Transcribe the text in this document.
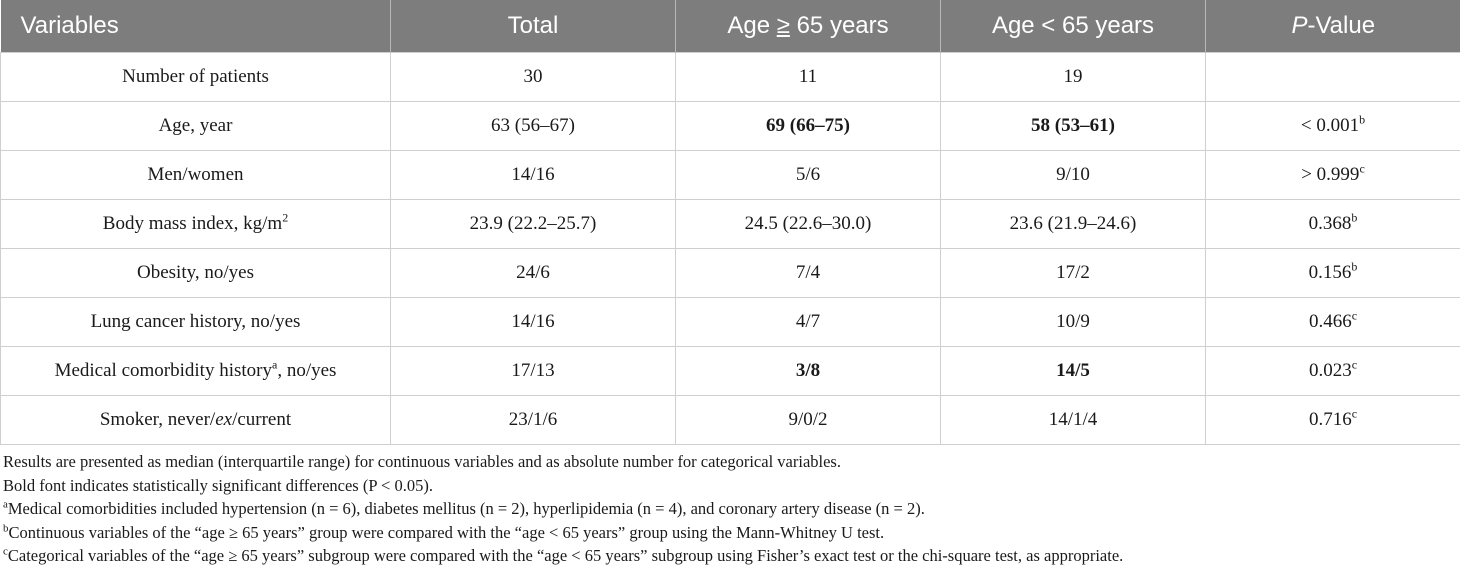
Variables	Total	Age ≥ 65 years	Age < 65 years	P-Value
Number of patients	30	11	19	
Age, year	63 (56–67)	69 (66–75)	58 (53–61)	< 0.001$^b$
Men/women	14/16	5/6	9/10	> 0.999$^c$
Body mass index, $kg/m^2$	23.9 (22.2–25.7)	24.5 (22.6–30.0)	23.6 (21.9–24.6)	0.368$^b$
Obesity, no/yes	24/6	7/4	17/2	0.156$^b$
Lung cancer history, no/yes	14/16	4/7	10/9	0.466$^c$
Medical comorbidity history$^a$, no/yes	17/13	3/8	14/5	0.023$^c$
Smoker, never/ex/current	23/1/6	9/0/2	14/1/4	0.716$^c$
Results are presented as median (interquartile range) for continuous variables and as absolute number for categorical variables.
Bold font indicates statistically significant differences (P < 0.05).
$^a$Medical comorbidities included hypertension (n = 6), diabetes mellitus (n = 2), hyperlipidemia (n = 4), and coronary artery disease (n = 2).
$^b$Continuous variables of the “age ≥ 65 years” group were compared with the “age < 65 years” group using the Mann-Whitney U test.
$^c$Categorical variables of the “age ≥ 65 years” subgroup were compared with the “age < 65 years” subgroup using Fisher’s exact test or the chi-square test, as appropriate.
